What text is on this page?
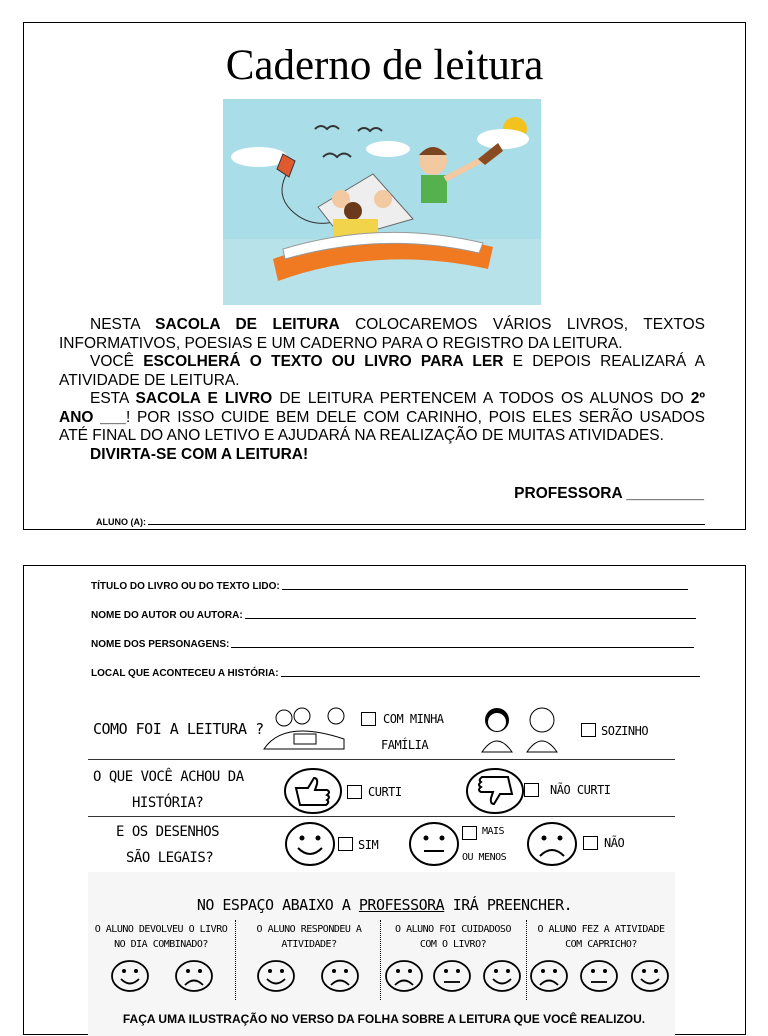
Caderno de leitura
NESTA SACOLA DE LEITURA COLOCAREMOS VÁRIOS LIVROS, TEXTOS INFORMATIVOS, POESIAS E UM CADERNO PARA O REGISTRO DA LEITURA.
VOCÊ ESCOLHERÁ O TEXTO OU LIVRO PARA LER E DEPOIS REALIZARÁ A ATIVIDADE DE LEITURA.
ESTA SACOLA E LIVRO DE LEITURA PERTENCEM A TODOS OS ALUNOS DO 2º ANO ___! POR ISSO CUIDE BEM DELE COM CARINHO, POIS ELES SERÃO USADOS ATÉ FINAL DO ANO LETIVO E AJUDARÁ NA REALIZAÇÃO DE MUITAS ATIVIDADES.
DIVIRTA-SE COM A LEITURA!
PROFESSORA _________
ALUNO (A):
TÍTULO DO LIVRO OU DO TEXTO LIDO:
NOME DO AUTOR OU AUTORA:
NOME DOS PERSONAGENS:
LOCAL QUE ACONTECEU A HISTÓRIA:
COMO FOI A LEITURA ?
COM MINHA
FAMÍLIA
SOZINHO
O QUE VOCÊ ACHOU DA
HISTÓRIA?
CURTI	NÃO CURTI
E OS DESENHOS
SÃO LEGAIS?
SIM
MAIS
OU MENOS
NÃO
NO ESPAÇO ABAIXO A PROFESSORA IRÁ PREENCHER.
O ALUNO DEVOLVEU O LIVRO
NO DIA COMBINADO?
O ALUNO RESPONDEU A
ATIVIDADE?
O ALUNO FOI CUIDADOSO
COM O LIVRO?
O ALUNO FEZ A ATIVIDADE
COM CAPRICHO?
FAÇA UMA ILUSTRAÇÃO NO VERSO DA FOLHA SOBRE A LEITURA QUE VOCÊ REALIZOU.
